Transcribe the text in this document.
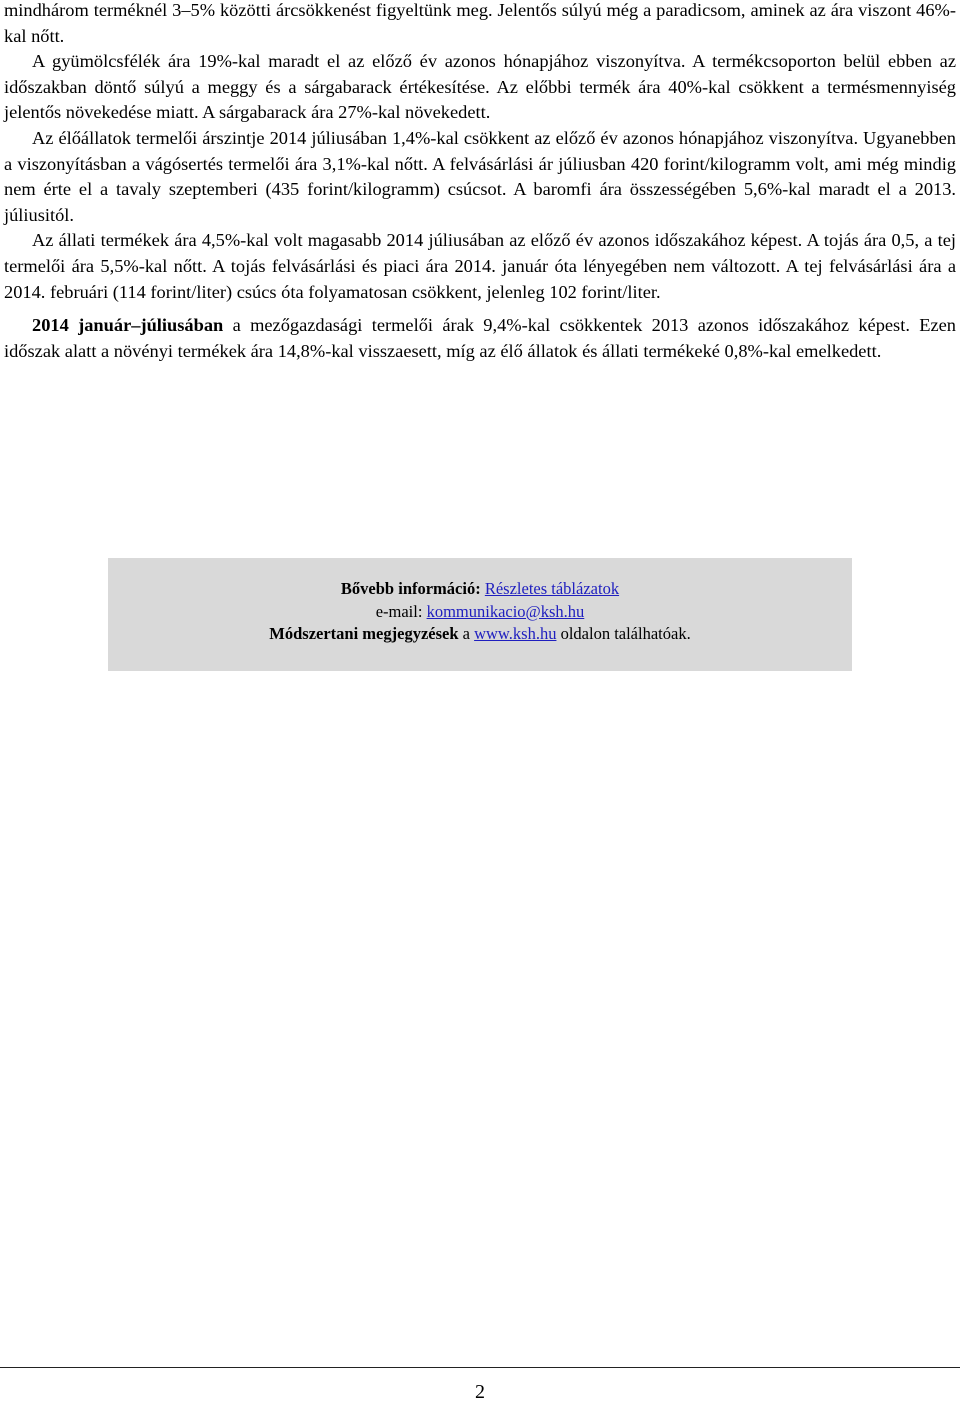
mindhárom terméknél 3–5% közötti árcsökkenést figyeltünk meg. Jelentős súlyú még a paradicsom, aminek az ára viszont 46%-kal nőtt.

A gyümölcsfélék ára 19%-kal maradt el az előző év azonos hónapjához viszonyítva. A termékcsoporton belül ebben az időszakban döntő súlyú a meggy és a sárgabarack értékesítése. Az előbbi termék ára 40%-kal csökkent a termésmennyiség jelentős növekedése miatt. A sárgabarack ára 27%-kal növekedett.

Az élőállatok termelői árszintje 2014 júliusában 1,4%-kal csökkent az előző év azonos hónapjához viszonyítva. Ugyanebben a viszonyításban a vágósertés termelői ára 3,1%-kal nőtt. A felvásárlási ár júliusban 420 forint/kilogramm volt, ami még mindig nem érte el a tavaly szeptemberi (435 forint/kilogramm) csúcsot. A baromfi ára összességében 5,6%-kal maradt el a 2013. júliusitól.

Az állati termékek ára 4,5%-kal volt magasabb 2014 júliusában az előző év azonos időszakához képest. A tojás ára 0,5, a tej termelői ára 5,5%-kal nőtt. A tojás felvásárlási és piaci ára 2014. január óta lényegében nem változott. A tej felvásárlási ára a 2014. februári (114 forint/liter) csúcs óta folyamatosan csökkent, jelenleg 102 forint/liter.

2014 január–júliusában a mezőgazdasági termelői árak 9,4%-kal csökkentek 2013 azonos időszakához képest. Ezen időszak alatt a növényi termékek ára 14,8%-kal visszaesett, míg az élő állatok és állati termékeké 0,8%-kal emelkedett.

Bővebb információ: Részletes táblázatok
e-mail: kommunikacio@ksh.hu
Módszertani megjegyzések a www.ksh.hu oldalon találhatóak.
2
